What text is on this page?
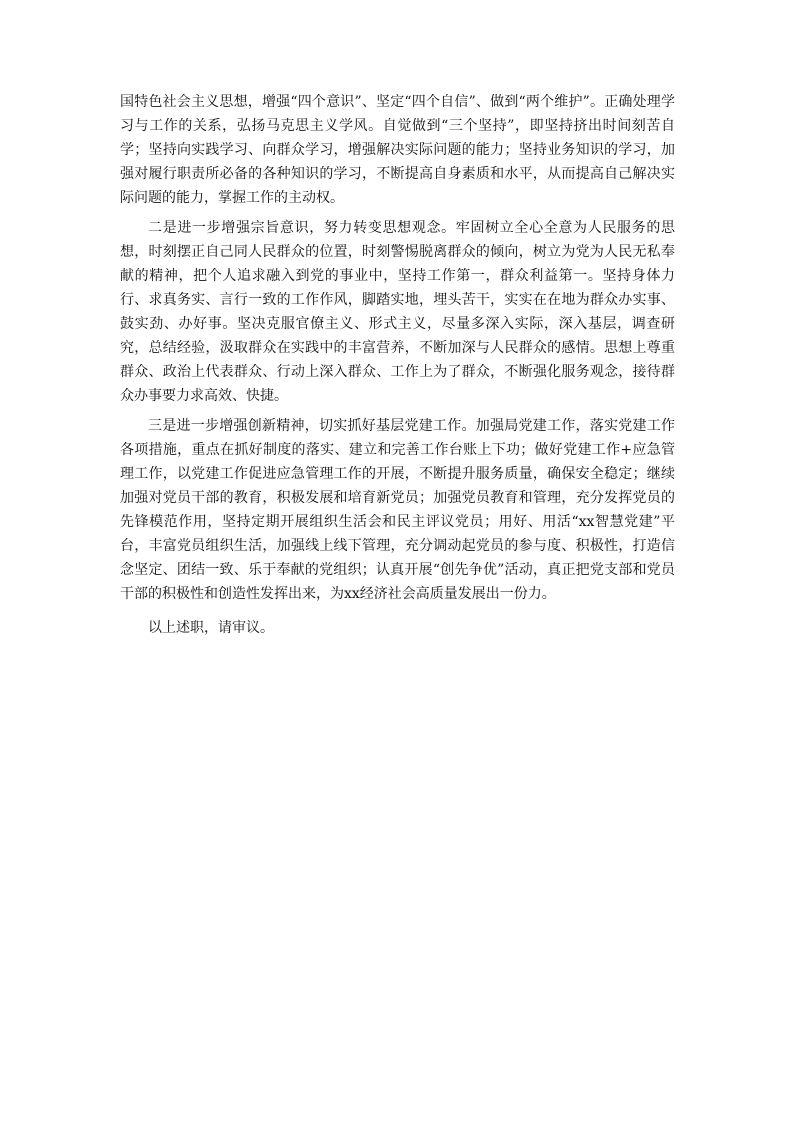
国特色社会主义思想，增强“四个意识”、坚定“四个自信”、做到“两个维护”。正确处理学习与工作的关系，弘扬马克思主义学风。自觉做到“三个坚持”，即坚持挤出时间刻苦自学；坚持向实践学习、向群众学习，增强解决实际问题的能力；坚持业务知识的学习，加强对履行职责所必备的各种知识的学习，不断提高自身素质和水平，从而提高自己解决实际问题的能力，掌握工作的主动权。

二是进一步增强宗旨意识，努力转变思想观念。牢固树立全心全意为人民服务的思想，时刻摆正自己同人民群众的位置，时刻警惕脱离群众的倾向，树立为党为人民无私奉献的精神，把个人追求融入到党的事业中，坚持工作第一，群众利益第一。坚持身体力行、求真务实、言行一致的工作作风，脚踏实地，埋头苦干，实实在在地为群众办实事、鼓实劲、办好事。坚决克服官僚主义、形式主义，尽量多深入实际，深入基层，调查研究，总结经验，汲取群众在实践中的丰富营养，不断加深与人民群众的感情。思想上尊重群众、政治上代表群众、行动上深入群众、工作上为了群众，不断强化服务观念，接待群众办事要力求高效、快捷。

三是进一步增强创新精神，切实抓好基层党建工作。加强局党建工作，落实党建工作各项措施，重点在抓好制度的落实、建立和完善工作台账上下功；做好党建工作+应急管理工作，以党建工作促进应急管理工作的开展，不断提升服务质量，确保安全稳定；继续加强对党员干部的教育，积极发展和培育新党员；加强党员教育和管理，充分发挥党员的先锋模范作用，坚持定期开展组织生活会和民主评议党员；用好、用活“xx智慧党建”平台，丰富党员组织生活，加强线上线下管理，充分调动起党员的参与度、积极性，打造信念坚定、团结一致、乐于奉献的党组织；认真开展“创先争优”活动，真正把党支部和党员干部的积极性和创造性发挥出来，为xx经济社会高质量发展出一份力。

以上述职，请审议。
